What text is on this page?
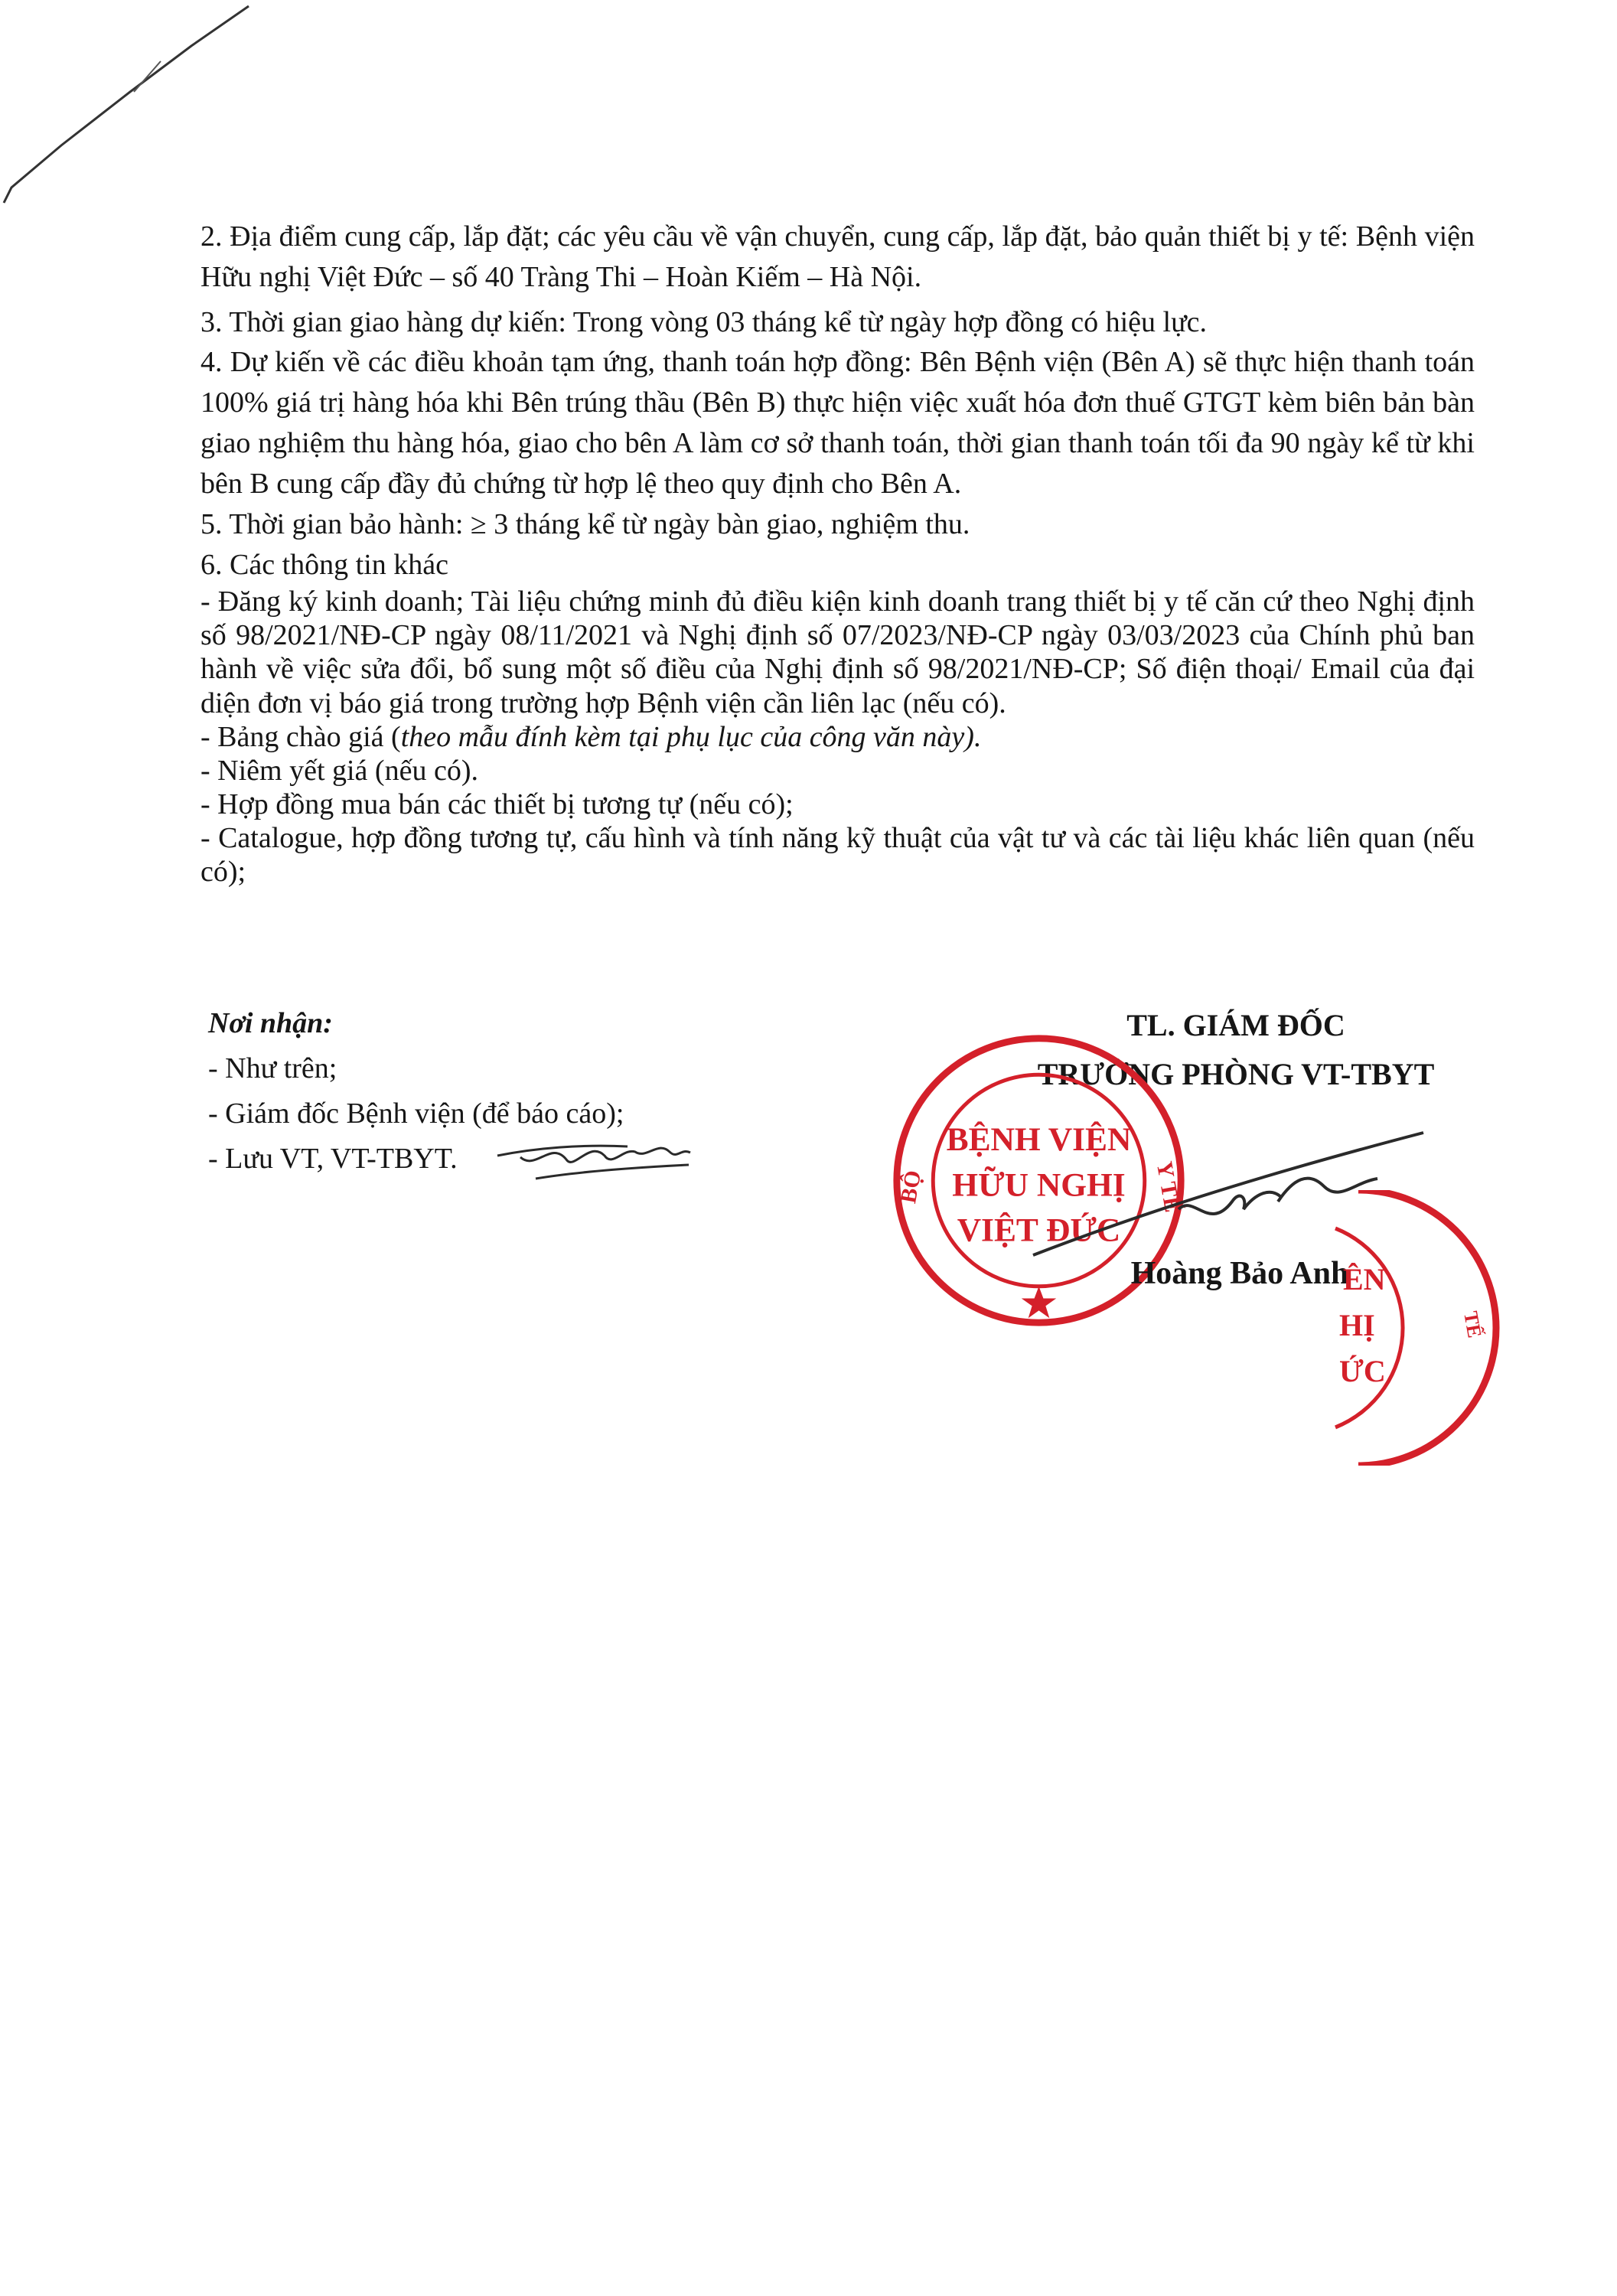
2. Địa điểm cung cấp, lắp đặt; các yêu cầu về vận chuyển, cung cấp, lắp đặt, bảo quản thiết bị y tế: Bệnh viện Hữu nghị Việt Đức – số 40 Tràng Thi – Hoàn Kiếm – Hà Nội.

3. Thời gian giao hàng dự kiến: Trong vòng 03 tháng kể từ ngày hợp đồng có hiệu lực.

4. Dự kiến về các điều khoản tạm ứng, thanh toán hợp đồng: Bên Bệnh viện (Bên A) sẽ thực hiện thanh toán 100% giá trị hàng hóa khi Bên trúng thầu (Bên B) thực hiện việc xuất hóa đơn thuế GTGT kèm biên bản bàn giao nghiệm thu hàng hóa, giao cho bên A làm cơ sở thanh toán, thời gian thanh toán tối đa 90 ngày kể từ khi bên B cung cấp đầy đủ chứng từ hợp lệ theo quy định cho Bên A.

5. Thời gian bảo hành: ≥ 3 tháng kể từ ngày bàn giao, nghiệm thu.

6. Các thông tin khác

- Đăng ký kinh doanh; Tài liệu chứng minh đủ điều kiện kinh doanh trang thiết bị y tế căn cứ theo Nghị định số 98/2021/NĐ-CP ngày 08/11/2021 và Nghị định số 07/2023/NĐ-CP ngày 03/03/2023 của Chính phủ ban hành về việc sửa đổi, bổ sung một số điều của Nghị định số 98/2021/NĐ-CP; Số điện thoại/ Email của đại diện đơn vị báo giá trong trường hợp Bệnh viện cần liên lạc (nếu có).

- Bảng chào giá (theo mẫu đính kèm tại phụ lục của công văn này).

- Niêm yết giá (nếu có).

- Hợp đồng mua bán các thiết bị tương tự (nếu có);

- Catalogue, hợp đồng tương tự, cấu hình và tính năng kỹ thuật của vật tư và các tài liệu khác liên quan (nếu có);

Nơi nhận:
- Như trên;
- Giám đốc Bệnh viện (để báo cáo);
- Lưu VT, VT-TBYT.
TL. GIÁM ĐỐC
TRƯỞNG PHÒNG VT-TBYT
BỆNH VIỆN
HỮU NGHỊ
VIỆT ĐỨC
BỘ	Y TẾ
Hoàng Bảo Anh
ÊN
HỊ
ỨC
TẾ
